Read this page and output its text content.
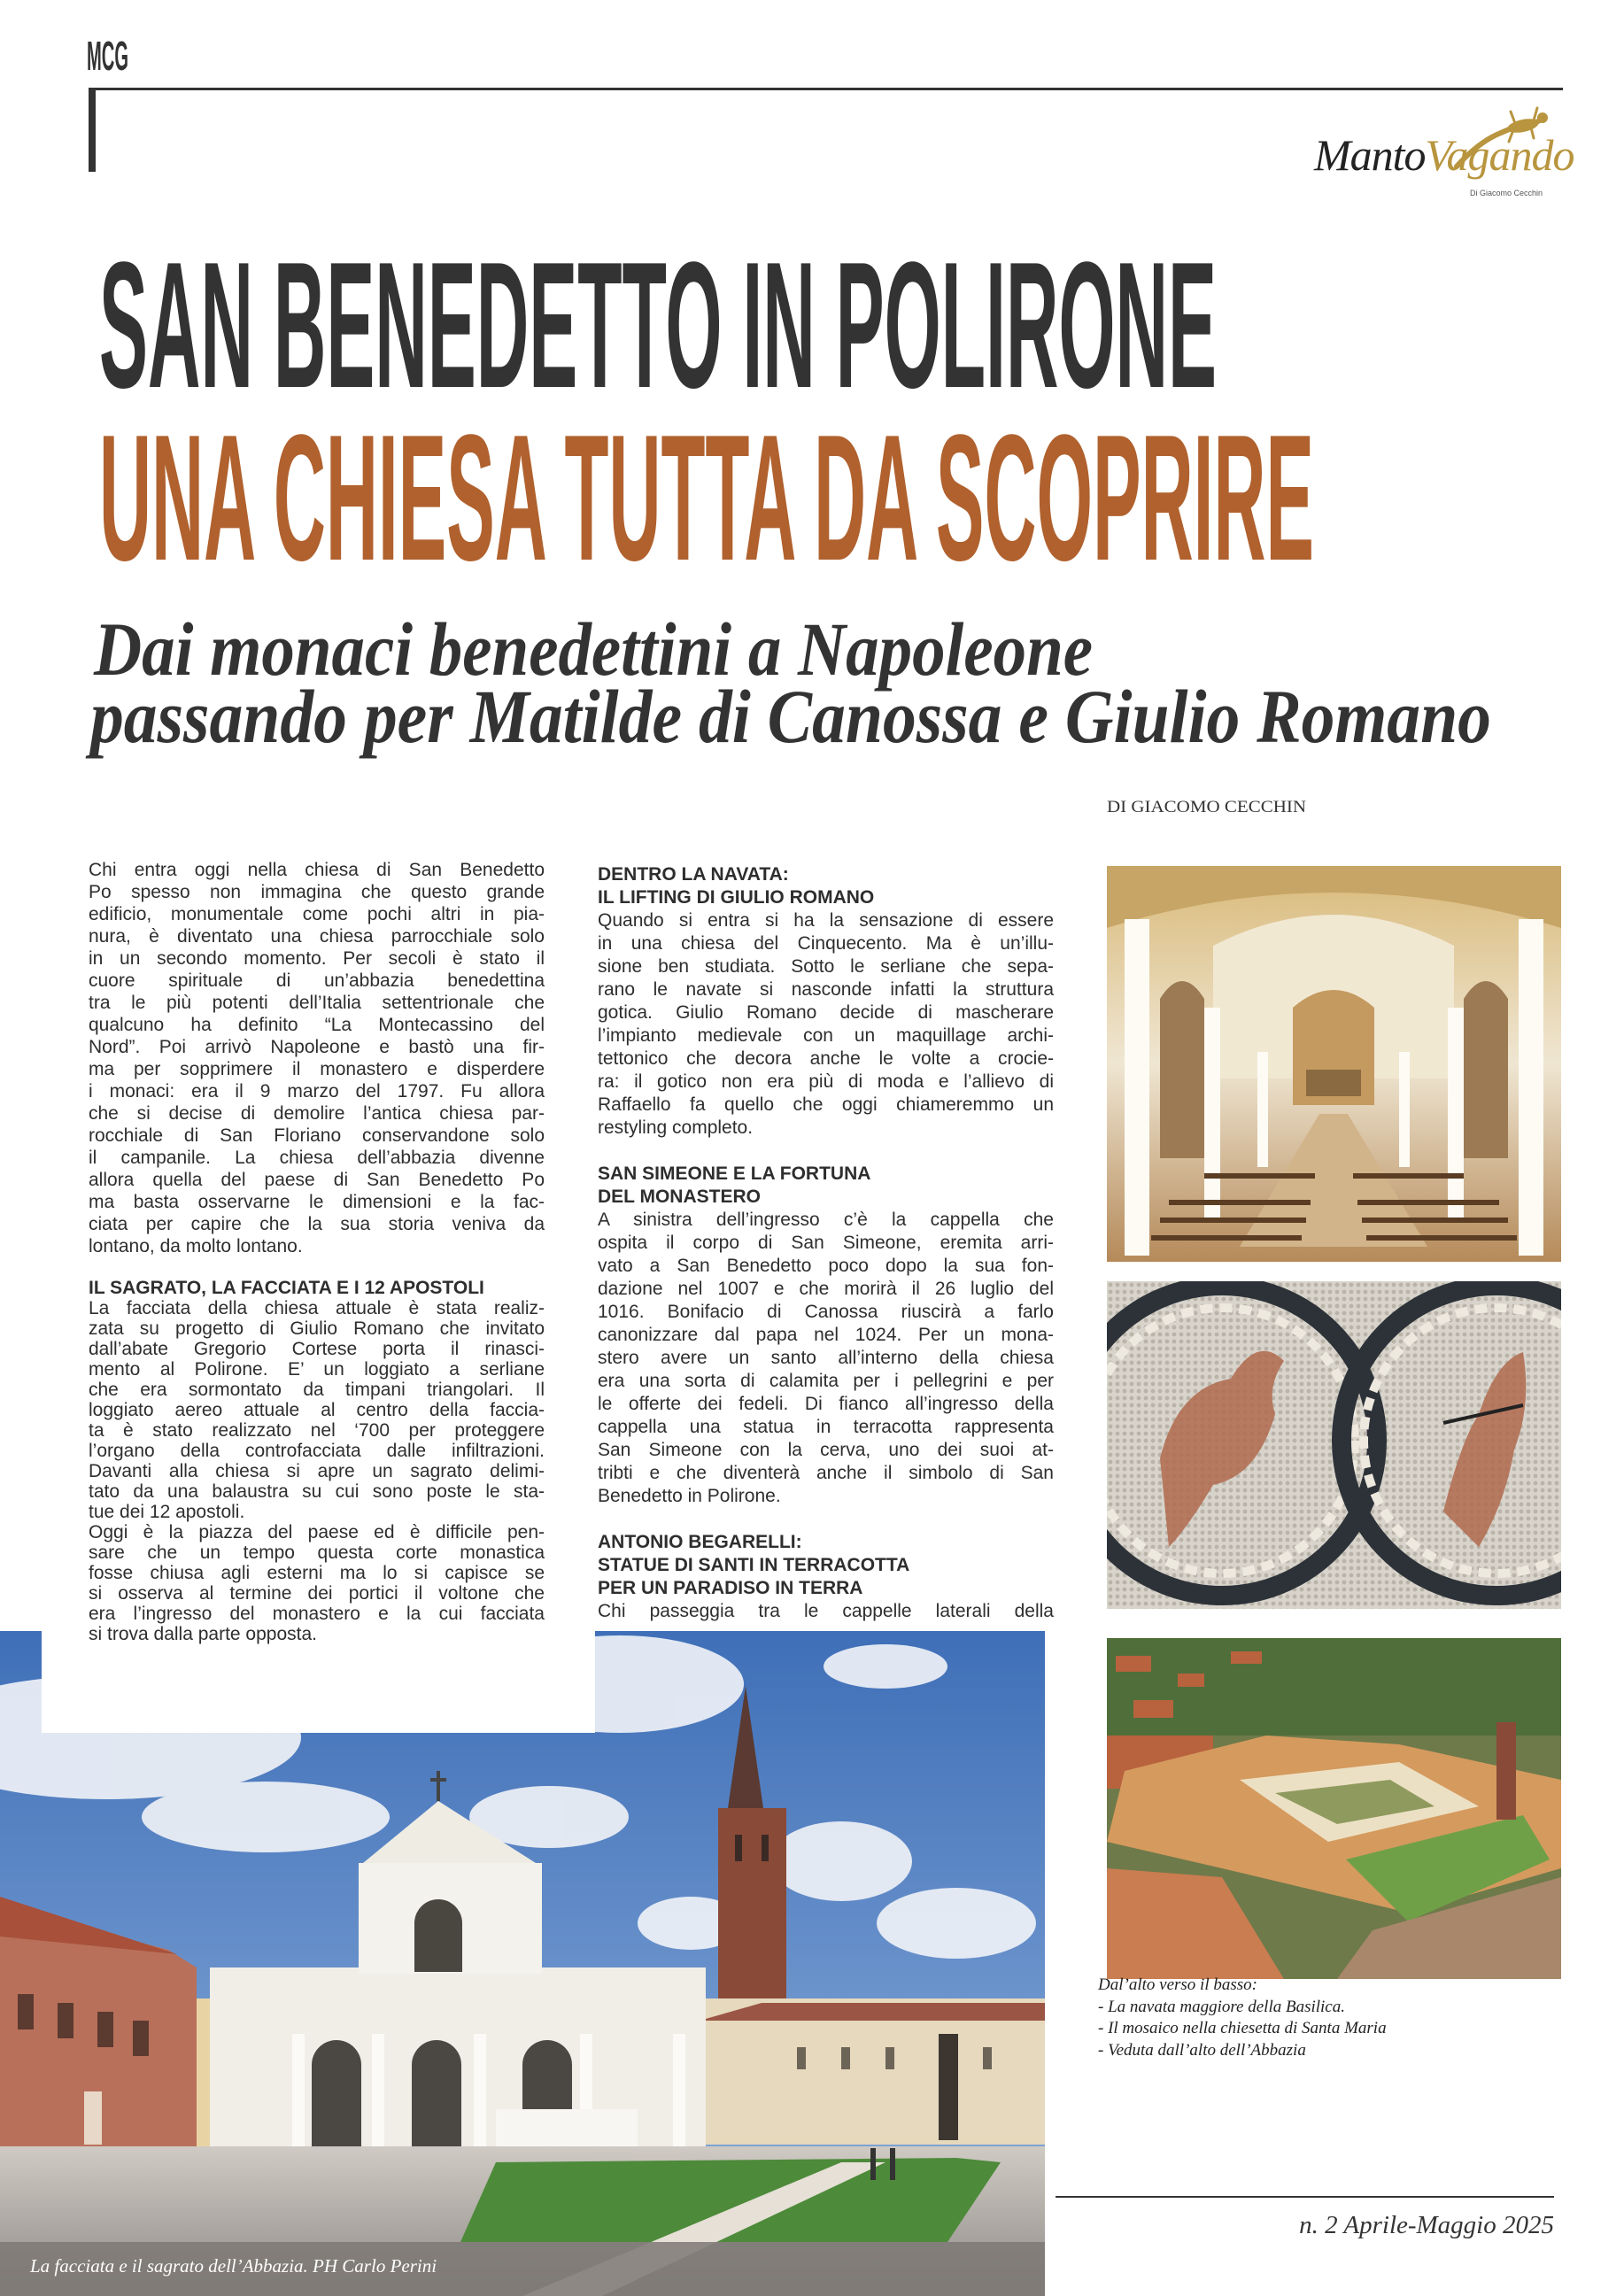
MCG
MantoVagando
Di Giacomo Cecchin
SAN BENEDETTO IN POLIRONE
UNA CHIESA TUTTA DA SCOPRIRE
Dai monaci benedettini a Napoleone
passando per Matilde di Canossa e Giulio Romano
DI GIACOMO CECCHIN
Chi entra oggi nella chiesa di San Benedetto
Po spesso non immagina che questo grande
edificio, monumentale come pochi altri in pia-
nura, è diventato una chiesa parrocchiale solo
in un secondo momento. Per secoli è stato il
cuore spirituale di un’abbazia benedettina
tra le più potenti dell’Italia settentrionale che
qualcuno ha definito “La Montecassino del
Nord”. Poi arrivò Napoleone e bastò una fir-
ma per sopprimere il monastero e disperdere
i monaci: era il 9 marzo del 1797. Fu allora
che si decise di demolire l’antica chiesa par-
rocchiale di San Floriano conservandone solo
il campanile. La chiesa dell’abbazia divenne
allora quella del paese di San Benedetto Po
ma basta osservarne le dimensioni e la fac-
ciata per capire che la sua storia veniva da
lontano, da molto lontano.
IL SAGRATO, LA FACCIATA E I 12 APOSTOLI
La facciata della chiesa attuale è stata realiz-
zata su progetto di Giulio Romano che invitato
dall’abate Gregorio Cortese porta il rinasci-
mento al Polirone. E’ un loggiato a serliane
che era sormontato da timpani triangolari. Il
loggiato aereo attuale al centro della faccia-
ta è stato realizzato nel ‘700 per proteggere
l’organo della controfacciata dalle infiltrazioni.
Davanti alla chiesa si apre un sagrato delimi-
tato da una balaustra su cui sono poste le sta-
tue dei 12 apostoli.
Oggi è la piazza del paese ed è difficile pen-
sare che un tempo questa corte monastica
fosse chiusa agli esterni ma lo si capisce se
si osserva al termine dei portici il voltone che
era l’ingresso del monastero e la cui facciata
si trova dalla parte opposta.
DENTRO LA NAVATA:
IL LIFTING DI GIULIO ROMANO
Quando si entra si ha la sensazione di essere
in una chiesa del Cinquecento. Ma è un’illu-
sione ben studiata. Sotto le serliane che sepa-
rano le navate si nasconde infatti la struttura
gotica. Giulio Romano decide di mascherare
l’impianto medievale con un maquillage archi-
tettonico che decora anche le volte a crocie-
ra: il gotico non era più di moda e l’allievo di
Raffaello fa quello che oggi chiameremmo un
restyling completo.
SAN SIMEONE E LA FORTUNA
DEL MONASTERO
A sinistra dell’ingresso c’è la cappella che
ospita il corpo di San Simeone, eremita arri-
vato a San Benedetto poco dopo la sua fon-
dazione nel 1007 e che morirà il 26 luglio del
1016. Bonifacio di Canossa riuscirà a farlo
canonizzare dal papa nel 1024. Per un mona-
stero avere un santo all’interno della chiesa
era una sorta di calamita per i pellegrini e per
le offerte dei fedeli. Di fianco all’ingresso della
cappella una statua in terracotta rappresenta
San Simeone con la cerva, uno dei suoi at-
tribti e che diventerà anche il simbolo di San
Benedetto in Polirone.
ANTONIO BEGARELLI:
STATUE DI SANTI IN TERRACOTTA
PER UN PARADISO IN TERRA
Chi passeggia tra le cappelle laterali della
La facciata e il sagrato dell’Abbazia. PH Carlo Perini
Dal’alto verso il basso:
- La navata maggiore della Basilica.
- Il mosaico nella chiesetta di Santa Maria
- Veduta dall’alto dell’Abbazia
n. 2 Aprile-Maggio 2025
